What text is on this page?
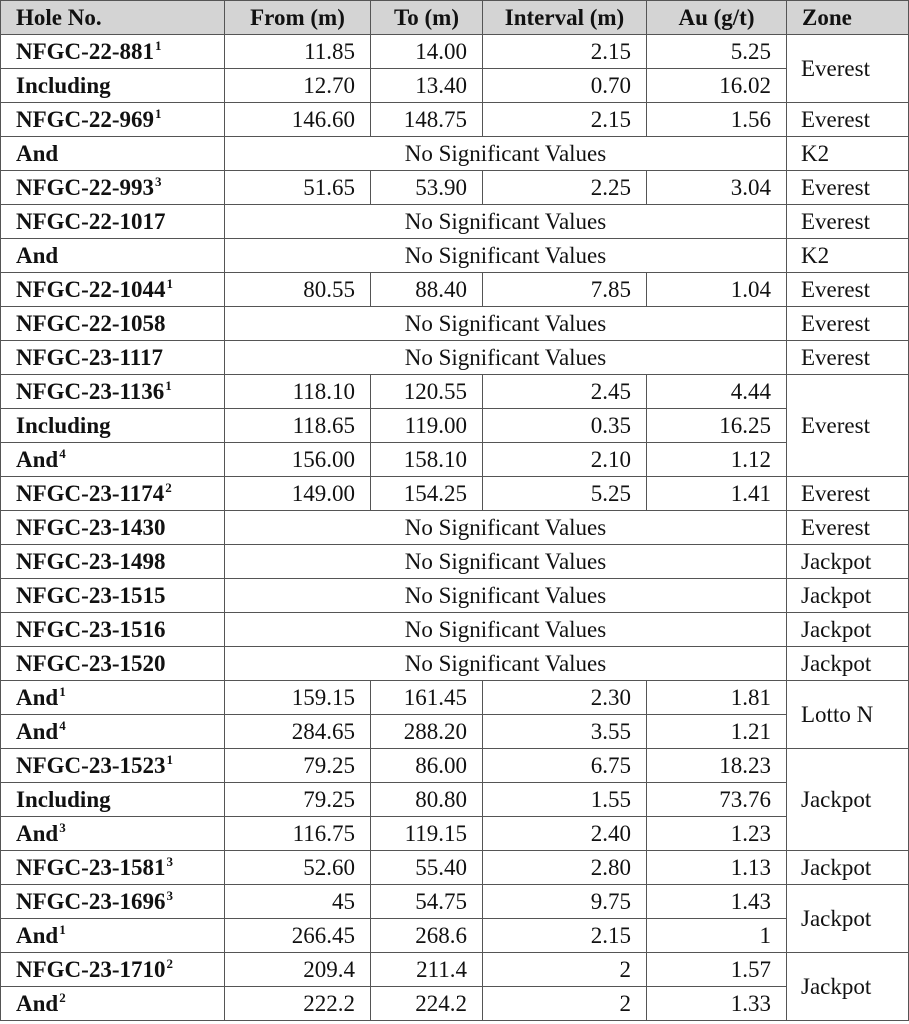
Hole No.	From (m)	To (m)	Interval (m)	Au (g/t)	Zone
NFGC-$22-881^1$	11.85	14.00	2.15	5.25	Everest
Including	12.70	13.40	0.70	16.02	
NFGC-$22-969^1$	146.60	148.75	2.15	1.56	Everest
And	No Significant Values				K2
NFGC-$22-993^3$	51.65	53.90	2.25	3.04	Everest
NFGC-22-1017	No Significant Values				Everest
And	No Significant Values				K2
NFGC-22-1044$^1$	80.55	88.40	7.85	1.04	Everest
NFGC-22-1058	No Significant Values				Everest
NFGC-23-1117	No Significant Values				Everest
NFGC-23-1136$^1$	118.10	120.55	2.45	4.44	Everest
Including	118.65	119.00	0.35	16.25	
And$^4$	156.00	158.10	2.10	1.12	
NFGC-23-1174$^2$	149.00	154.25	5.25	1.41	Everest
NFGC-23-1430	No Significant Values				Everest
NFGC-23-1498	No Significant Values				Jackpot
NFGC-23-1515	No Significant Values				Jackpot
NFGC-23-1516	No Significant Values				Jackpot
NFGC-23-1520	No Significant Values				Jackpot
And$^1$	159.15	161.45	2.30	1.81	Lotto N
And$^4$	284.65	288.20	3.55	1.21	
NFGC-23-1523$^1$	79.25	86.00	6.75	18.23	Jackpot
Including	79.25	80.80	1.55	73.76	
And$^3$	116.75	119.15	2.40	1.23	
NFGC-23-1581$^3$	52.60	55.40	2.80	1.13	Jackpot
NFGC-23-1696$^3$	45	54.75	9.75	1.43	Jackpot
And$^1$	266.45	268.6	2.15	1	
NFGC-23-1710$^2$	209.4	211.4	2	1.57	Jackpot
And$^2$	222.2	224.2	2	1.33	
